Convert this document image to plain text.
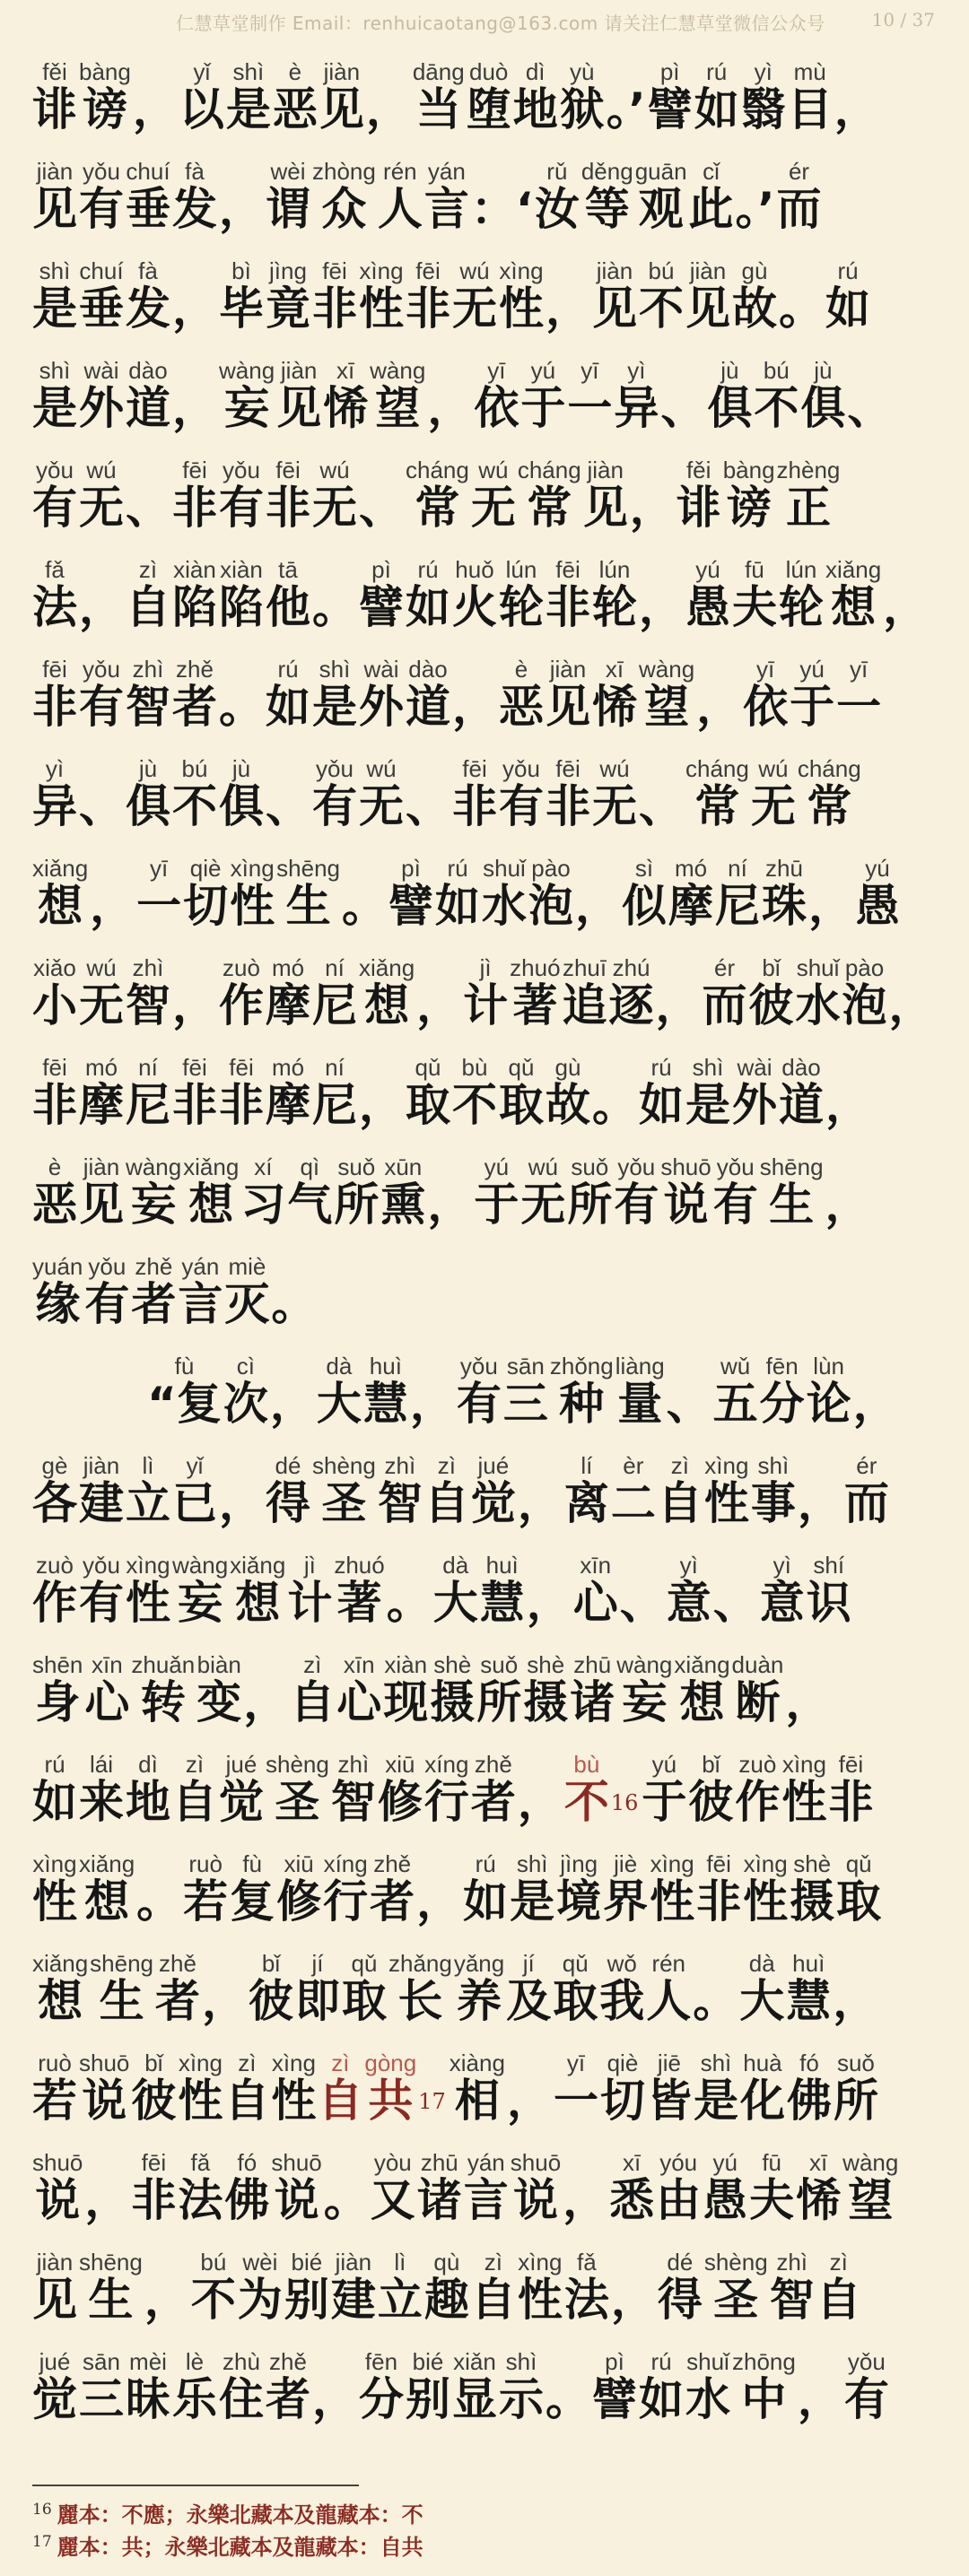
仁慧草堂制作 Email：renhuicaotang@163.com 请关注仁慧草堂微信公众号	10 / 37
诽fěi
谤bàng
， 以yǐ
是shì
恶è
见jiàn
， 当dāng
堕duò
地dì
狱yù
。’ 譬pì
如rú
翳yì
目mù
，
见jiàn
有yǒu
垂chuí
发fà
， 谓wèi
众zhòng
人rén
言yán
：‘ 汝rǔ
等děng
观guān
此cǐ
。’ 而ér
是shì
垂chuí
发fà
， 毕bì
竟jìng
非fēi
性xìng
非fēi
无wú
性xìng
， 见jiàn
不bú
见jiàn
故gù
。 如rú
是shì
外wài
道dào
， 妄wàng
见jiàn
悕xī
望wàng
， 依yī
于yú
一yī
异yì
、 俱jù
不bú
俱jù
、
有yǒu
无wú
、 非fēi
有yǒu
非fēi
无wú
、 常cháng
无wú
常cháng
见jiàn
， 诽fěi
谤bàng
正zhèng
法fǎ
， 自zì
陷xiàn
陷xiàn
他tā
。 譬pì
如rú
火huǒ
轮lún
非fēi
轮lún
， 愚yú
夫fū
轮lún
想xiǎng
，
非fēi
有yǒu
智zhì
者zhě
。 如rú
是shì
外wài
道dào
， 恶è
见jiàn
悕xī
望wàng
， 依yī
于yú
一yī
异yì
、 俱jù
不bú
俱jù
、 有yǒu
无wú
、 非fēi
有yǒu
非fēi
无wú
、 常cháng
无wú
常cháng
想xiǎng
， 一yī
切qiè
性xìng
生shēng
。 譬pì
如rú
水shuǐ
泡pào
， 似sì
摩mó
尼ní
珠zhū
， 愚yú
小xiǎo
无wú
智zhì
， 作zuò
摩mó
尼ní
想xiǎng
， 计jì
著zhuó
追zhuī
逐zhú
， 而ér
彼bǐ
水shuǐ
泡pào
，
非fēi
摩mó
尼ní
非fēi
非fēi
摩mó
尼ní
， 取qǔ
不bù
取qǔ
故gù
。 如rú
是shì
外wài
道dào
，
恶è
见jiàn
妄wàng
想xiǎng
习xí
气qì
所suǒ
熏xūn
， 于yú
无wú
所suǒ
有yǒu
说shuō
有yǒu
生shēng
，
缘yuán
有yǒu
者zhě
言yán
灭miè
。
“复fù
次cì
， 大dà
慧huì
， 有yǒu
三sān
种zhǒng
量liàng
、 五wǔ
分fēn
论lùn
，
各gè
建jiàn
立lì
已yǐ
， 得dé
圣shèng
智zhì
自zì
觉jué
， 离lí
二èr
自zì
性xìng
事shì
， 而ér
作zuò
有yǒu
性xìng
妄wàng
想xiǎng
计jì
著zhuó
。 大dà
慧huì
， 心xīn
、 意yì
、 意yì
识shí
身shēn
心xīn
转zhuǎn
变biàn
， 自zì
心xīn
现xiàn
摄shè
所suǒ
摄shè
诸zhū
妄wàng
想xiǎng
断duàn
，
如rú
来lái
地dì
自zì
觉jué
圣shèng
智zhì
修xiū
行xíng
者zhě
， 不bù
16 于yú
彼bǐ
作zuò
性xìng
非fēi
性xìng
想xiǎng
。 若ruò
复fù
修xiū
行xíng
者zhě
， 如rú
是shì
境jìng
界jiè
性xìng
非fēi
性xìng
摄shè
取qǔ
想xiǎng
生shēng
者zhě
， 彼bǐ
即jí
取qǔ
长zhǎng
养yǎng
及jí
取qǔ
我wǒ
人rén
。 大dà
慧huì
，
若ruò
说shuō
彼bǐ
性xìng
自zì
性xìng
自zì
共gòng
17 相xiàng
， 一yī
切qiè
皆jiē
是shì
化huà
佛fó
所suǒ
说shuō
， 非fēi
法fǎ
佛fó
说shuō
。 又yòu
诸zhū
言yán
说shuō
， 悉xī
由yóu
愚yú
夫fū
悕xī
望wàng
见jiàn
生shēng
， 不bú
为wèi
别bié
建jiàn
立lì
趣qù
自zì
性xìng
法fǎ
， 得dé
圣shèng
智zhì
自zì
觉jué
三sān
昧mèi
乐lè
住zhù
者zhě
， 分fēn
别bié
显xiǎn
示shì
。 譬pì
如rú
水shuǐ
中zhōng
， 有yǒu
$^{16}$ 麗本：不應；永樂北藏本及龍藏本：不
$^{17}$ 麗本：共；永樂北藏本及龍藏本：自共
